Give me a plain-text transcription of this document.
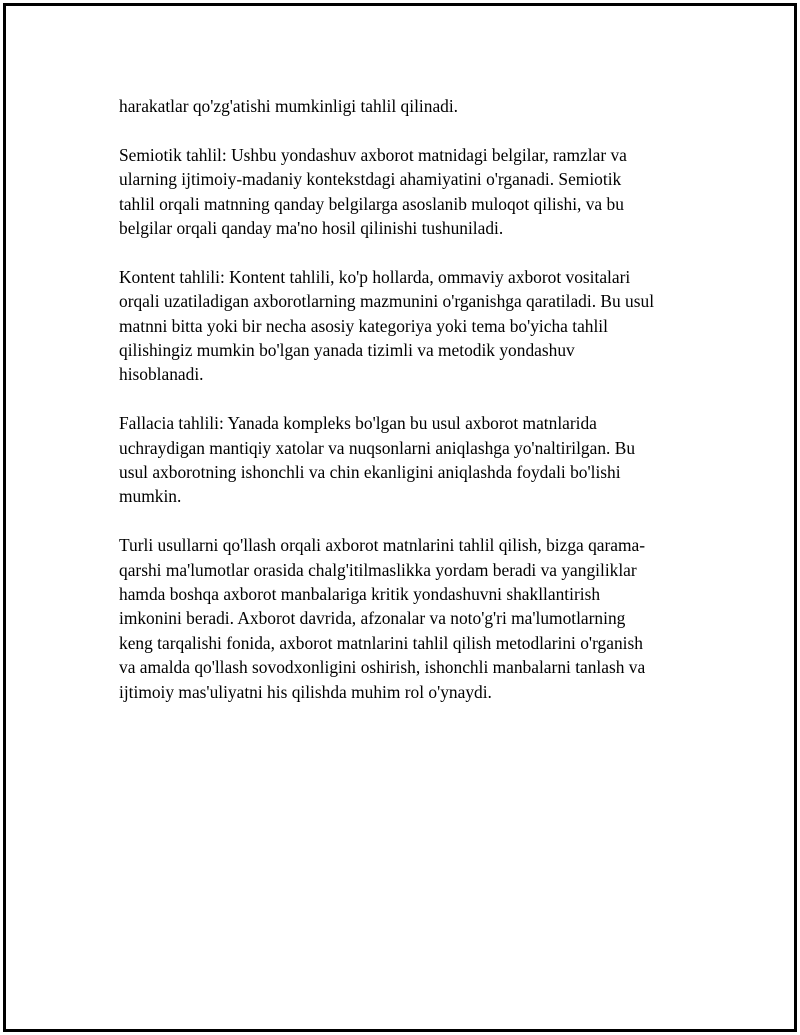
harakatlar qo'zg'atishi mumkinligi tahlil qilinadi.

Semiotik tahlil: Ushbu yondashuv axborot matnidagi belgilar, ramzlar va
ularning ijtimoiy-madaniy kontekstdagi ahamiyatini o'rganadi. Semiotik
tahlil orqali matnning qanday belgilarga asoslanib muloqot qilishi, va bu
belgilar orqali qanday ma'no hosil qilinishi tushuniladi.

Kontent tahlili: Kontent tahlili, ko'p hollarda, ommaviy axborot vositalari
orqali uzatiladigan axborotlarning mazmunini o'rganishga qaratiladi. Bu usul
matnni bitta yoki bir necha asosiy kategoriya yoki tema bo'yicha tahlil
qilishingiz mumkin bo'lgan yanada tizimli va metodik yondashuv
hisoblanadi.

Fallacia tahlili: Yanada kompleks bo'lgan bu usul axborot matnlarida
uchraydigan mantiqiy xatolar va nuqsonlarni aniqlashga yo'naltirilgan. Bu
usul axborotning ishonchli va chin ekanligini aniqlashda foydali bo'lishi
mumkin.

Turli usullarni qo'llash orqali axborot matnlarini tahlil qilish, bizga qarama-
qarshi ma'lumotlar orasida chalg'itilmaslikka yordam beradi va yangiliklar
hamda boshqa axborot manbalariga kritik yondashuvni shakllantirish
imkonini beradi. Axborot davrida, afzonalar va noto'g'ri ma'lumotlarning
keng tarqalishi fonida, axborot matnlarini tahlil qilish metodlarini o'rganish
va amalda qo'llash sovodxonligini oshirish, ishonchli manbalarni tanlash va
ijtimoiy mas'uliyatni his qilishda muhim rol o'ynaydi.
